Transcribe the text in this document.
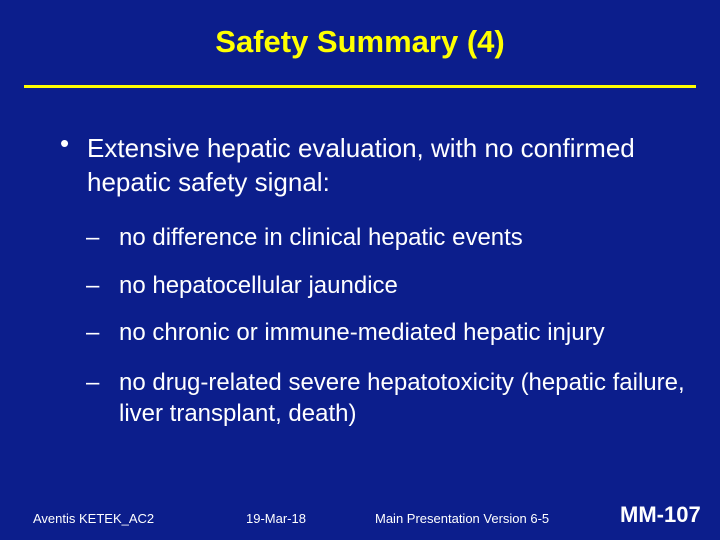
Safety Summary (4)
• Extensive hepatic evaluation, with no confirmed hepatic safety signal:
– no difference in clinical hepatic events
– no hepatocellular jaundice
– no chronic or immune-mediated hepatic injury
– no drug-related severe hepatotoxicity (hepatic failure, liver transplant, death)
Aventis KETEK_AC2	19-Mar-18	Main Presentation Version 6-5	MM-107
